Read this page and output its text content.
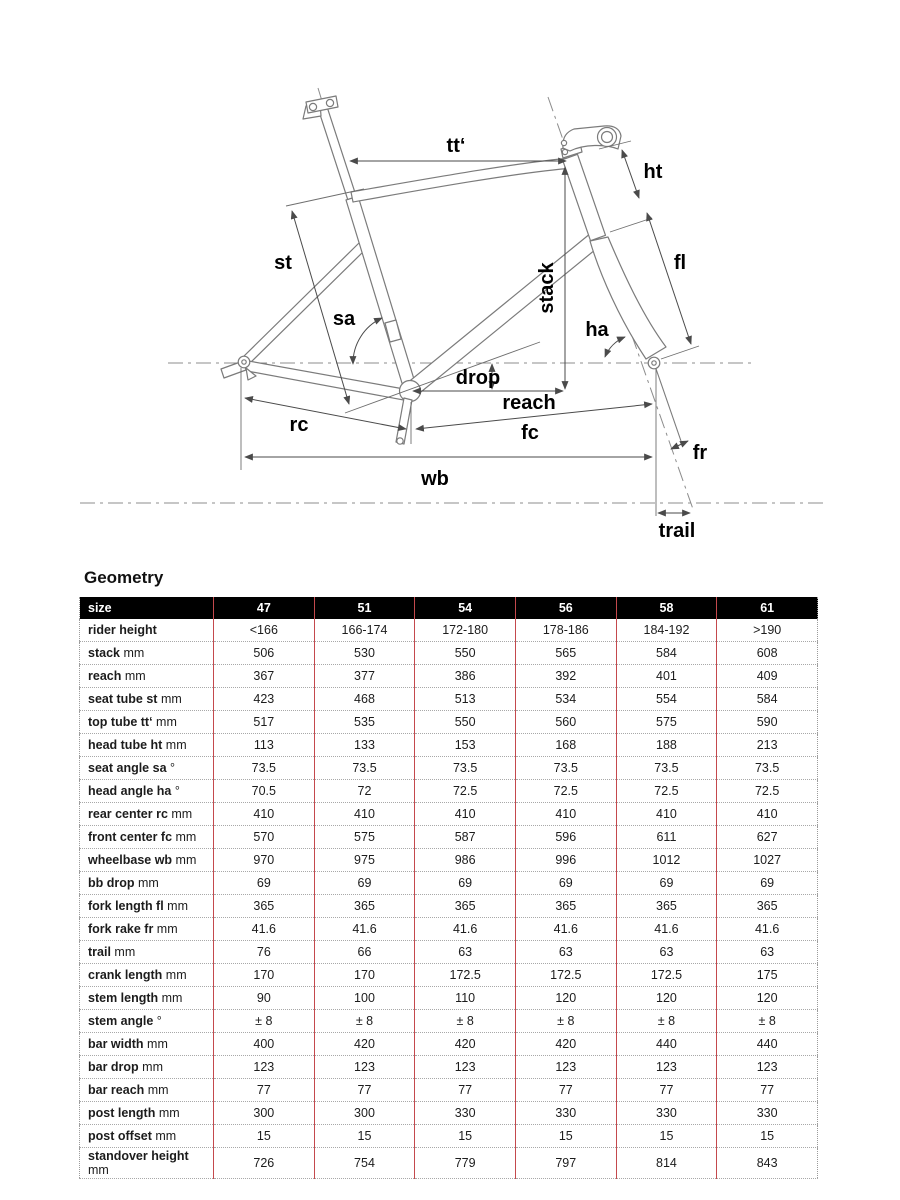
tt‘
ht
fl
st	stack
sa	ha
drop
reach
rc	fc
wb
fr
trail
Geometry
size	47	51	54	56	58	61
rider height	<166	166-174	172-180	178-186	184-192	>190
stack mm	506	530	550	565	584	608
reach mm	367	377	386	392	401	409
seat tube st mm	423	468	513	534	554	584
top tube tt‘ mm	517	535	550	560	575	590
head tube ht mm	113	133	153	168	188	213
seat angle sa °	73.5	73.5	73.5	73.5	73.5	73.5
head angle ha °	70.5	72	72.5	72.5	72.5	72.5
rear center rc mm	410	410	410	410	410	410
front center fc mm	570	575	587	596	611	627
wheelbase wb mm	970	975	986	996	1012	1027
bb drop mm	69	69	69	69	69	69
fork length fl mm	365	365	365	365	365	365
fork rake fr mm	41.6	41.6	41.6	41.6	41.6	41.6
trail mm	76	66	63	63	63	63
crank length mm	170	170	172.5	172.5	172.5	175
stem length mm	90	100	110	120	120	120
stem angle °	± 8	± 8	± 8	± 8	± 8	± 8
bar width mm	400	420	420	420	440	440
bar drop mm	123	123	123	123	123	123
bar reach mm	77	77	77	77	77	77
post length mm	300	300	330	330	330	330
post offset mm	15	15	15	15	15	15
standover height mm	726	754	779	797	814	843
